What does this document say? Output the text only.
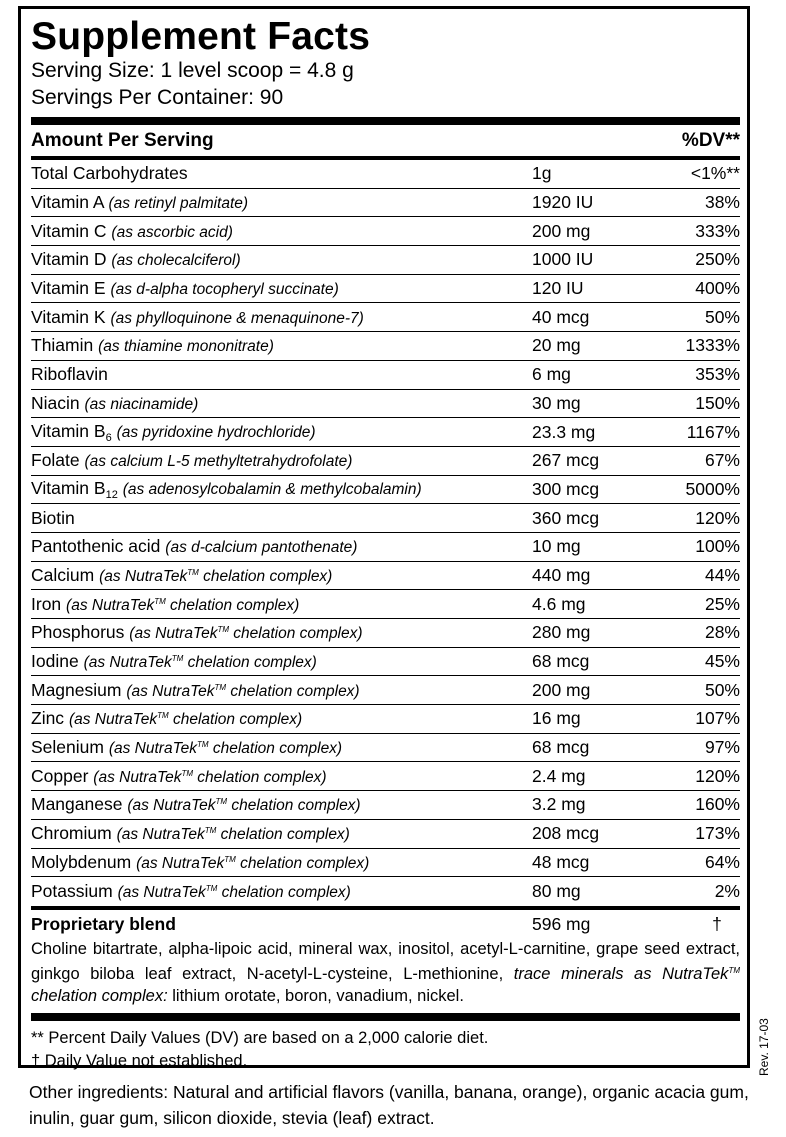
Supplement Facts
Serving Size: 1 level scoop = 4.8 g
Servings Per Container: 90
Amount Per Serving	%DV**
Total Carbohydrates	1g	<1%**
Vitamin A (as retinyl palmitate)	1920 IU	38%
Vitamin C (as ascorbic acid)	200 mg	333%
Vitamin D (as cholecalciferol)	1000 IU	250%
Vitamin E (as d-alpha tocopheryl succinate)	120 IU	400%
Vitamin K (as phylloquinone & menaquinone-7)	40 mcg	50%
Thiamin (as thiamine mononitrate)	20 mg	1333%
Riboflavin	6 mg	353%
Niacin (as niacinamide)	30 mg	150%
Vitamin $B_6$ (as pyridoxine hydrochloride)	23.3 mg	1167%
Folate (as calcium L-5 methyltetrahydrofolate)	267 mcg	67%
Vitamin $B_{12}$ (as adenosylcobalamin & methylcobalamin)	300 mcg	5000%
Biotin	360 mcg	120%
Pantothenic acid (as d-calcium pantothenate)	10 mg	100%
Calcium (as NutraTek™ chelation complex)	440 mg	44%
Iron (as NutraTek™ chelation complex)	4.6 mg	25%
Phosphorus (as NutraTek™ chelation complex)	280 mg	28%
Iodine (as NutraTek™ chelation complex)	68 mcg	45%
Magnesium (as NutraTek™ chelation complex)	200 mg	50%
Zinc (as NutraTek™ chelation complex)	16 mg	107%
Selenium (as NutraTek™ chelation complex)	68 mcg	97%
Copper (as NutraTek™ chelation complex)	2.4 mg	120%
Manganese (as NutraTek™ chelation complex)	3.2 mg	160%
Chromium (as NutraTek™ chelation complex)	208 mcg	173%
Molybdenum (as NutraTek™ chelation complex)	48 mcg	64%
Potassium (as NutraTek™ chelation complex)	80 mg	2%
Proprietary blend	596 mg	†
Choline bitartrate, alpha-lipoic acid, mineral wax, inositol, acetyl-L-carnitine, grape seed extract, ginkgo biloba leaf extract, N-acetyl-L-cysteine, L-methionine, trace minerals as NutraTek™ chelation complex: lithium orotate, boron, vanadium, nickel.
** Percent Daily Values (DV) are based on a 2,000 calorie diet.
† Daily Value not established.	Rev. 17-03
Other ingredients: Natural and artificial flavors (vanilla, banana, orange), organic acacia gum, inulin, guar gum, silicon dioxide, stevia (leaf) extract.
